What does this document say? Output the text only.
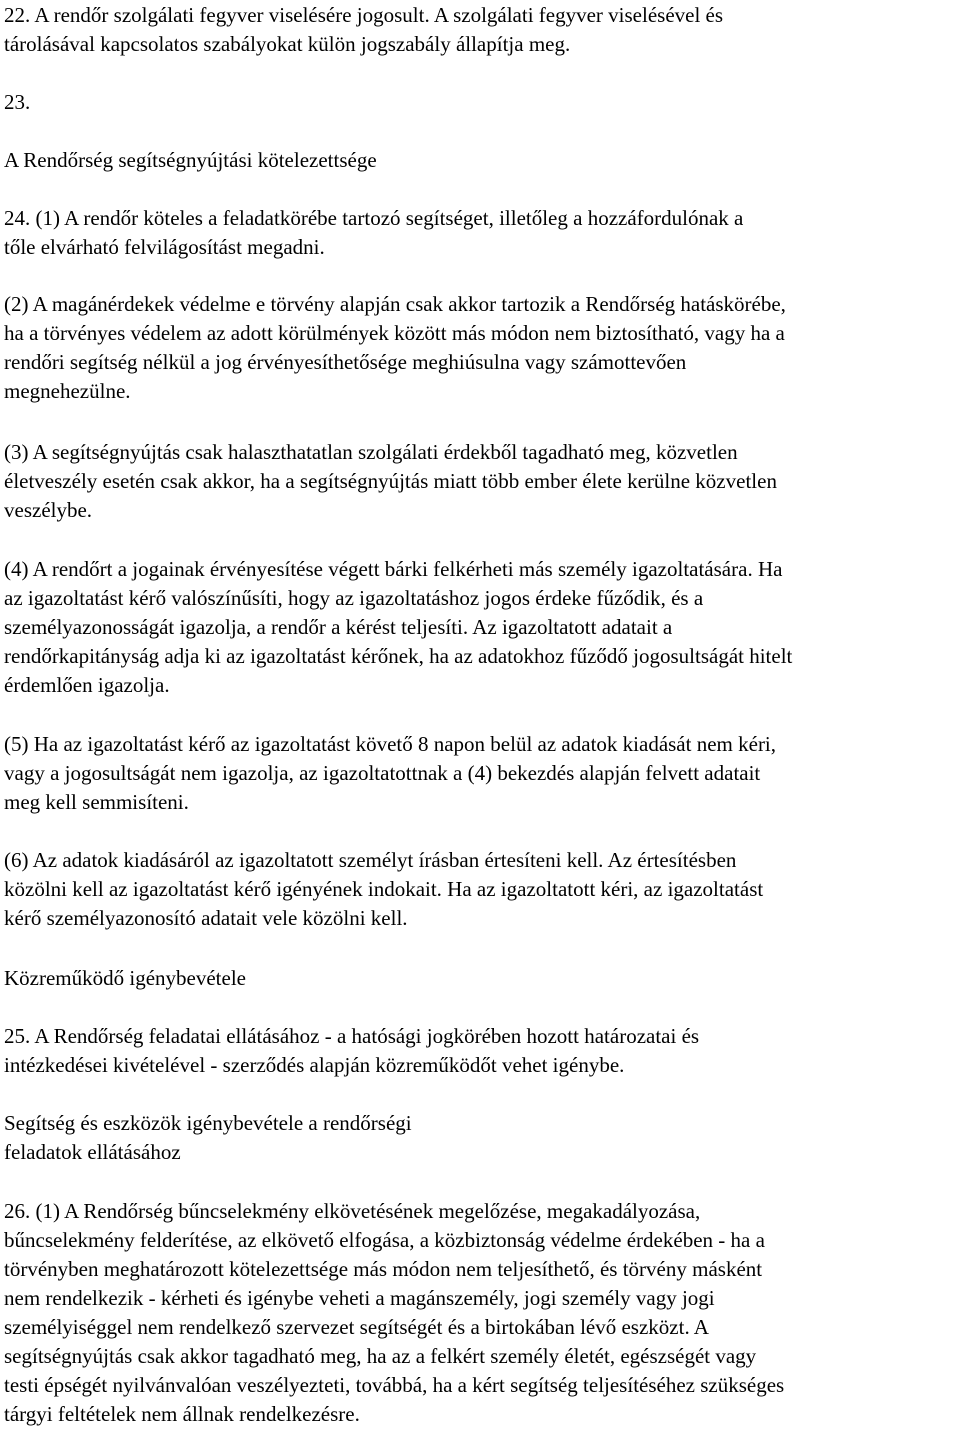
22. A rendőr szolgálati fegyver viselésére jogosult. A szolgálati fegyver viselésével és
tárolásával kapcsolatos szabályokat külön jogszabály állapítja meg.
23.
A Rendőrség segítségnyújtási kötelezettsége
24. (1) A rendőr köteles a feladatkörébe tartozó segítséget, illetőleg a hozzáfordulónak a
tőle elvárható felvilágosítást megadni.
(2) A magánérdekek védelme e törvény alapján csak akkor tartozik a Rendőrség hatáskörébe,
ha a törvényes védelem az adott körülmények között más módon nem biztosítható, vagy ha a
rendőri segítség nélkül a jog érvényesíthetősége meghiúsulna vagy számottevően
megnehezülne.
(3) A segítségnyújtás csak halaszthatatlan szolgálati érdekből tagadható meg, közvetlen
életveszély esetén csak akkor, ha a segítségnyújtás miatt több ember élete kerülne közvetlen
veszélybe.
(4) A rendőrt a jogainak érvényesítése végett bárki felkérheti más személy igazoltatására. Ha
az igazoltatást kérő valószínűsíti, hogy az igazoltatáshoz jogos érdeke fűződik, és a
személyazonosságát igazolja, a rendőr a kérést teljesíti. Az igazoltatott adatait a
rendőrkapitányság adja ki az igazoltatást kérőnek, ha az adatokhoz fűződő jogosultságát hitelt
érdemlően igazolja.
(5) Ha az igazoltatást kérő az igazoltatást követő 8 napon belül az adatok kiadását nem kéri,
vagy a jogosultságát nem igazolja, az igazoltatottnak a (4) bekezdés alapján felvett adatait
meg kell semmisíteni.
(6) Az adatok kiadásáról az igazoltatott személyt írásban értesíteni kell. Az értesítésben
közölni kell az igazoltatást kérő igényének indokait. Ha az igazoltatott kéri, az igazoltatást
kérő személyazonosító adatait vele közölni kell.
Közreműködő igénybevétele
25. A Rendőrség feladatai ellátásához - a hatósági jogkörében hozott határozatai és
intézkedései kivételével - szerződés alapján közreműködőt vehet igénybe.
Segítség és eszközök igénybevétele a rendőrségi
feladatok ellátásához
26. (1) A Rendőrség bűncselekmény elkövetésének megelőzése, megakadályozása,
bűncselekmény felderítése, az elkövető elfogása, a közbiztonság védelme érdekében - ha a
törvényben meghatározott kötelezettsége más módon nem teljesíthető, és törvény másként
nem rendelkezik - kérheti és igénybe veheti a magánszemély, jogi személy vagy jogi
személyiséggel nem rendelkező szervezet segítségét és a birtokában lévő eszközt. A
segítségnyújtás csak akkor tagadható meg, ha az a felkért személy életét, egészségét vagy
testi épségét nyilvánvalóan veszélyezteti, továbbá, ha a kért segítség teljesítéséhez szükséges
tárgyi feltételek nem állnak rendelkezésre.
